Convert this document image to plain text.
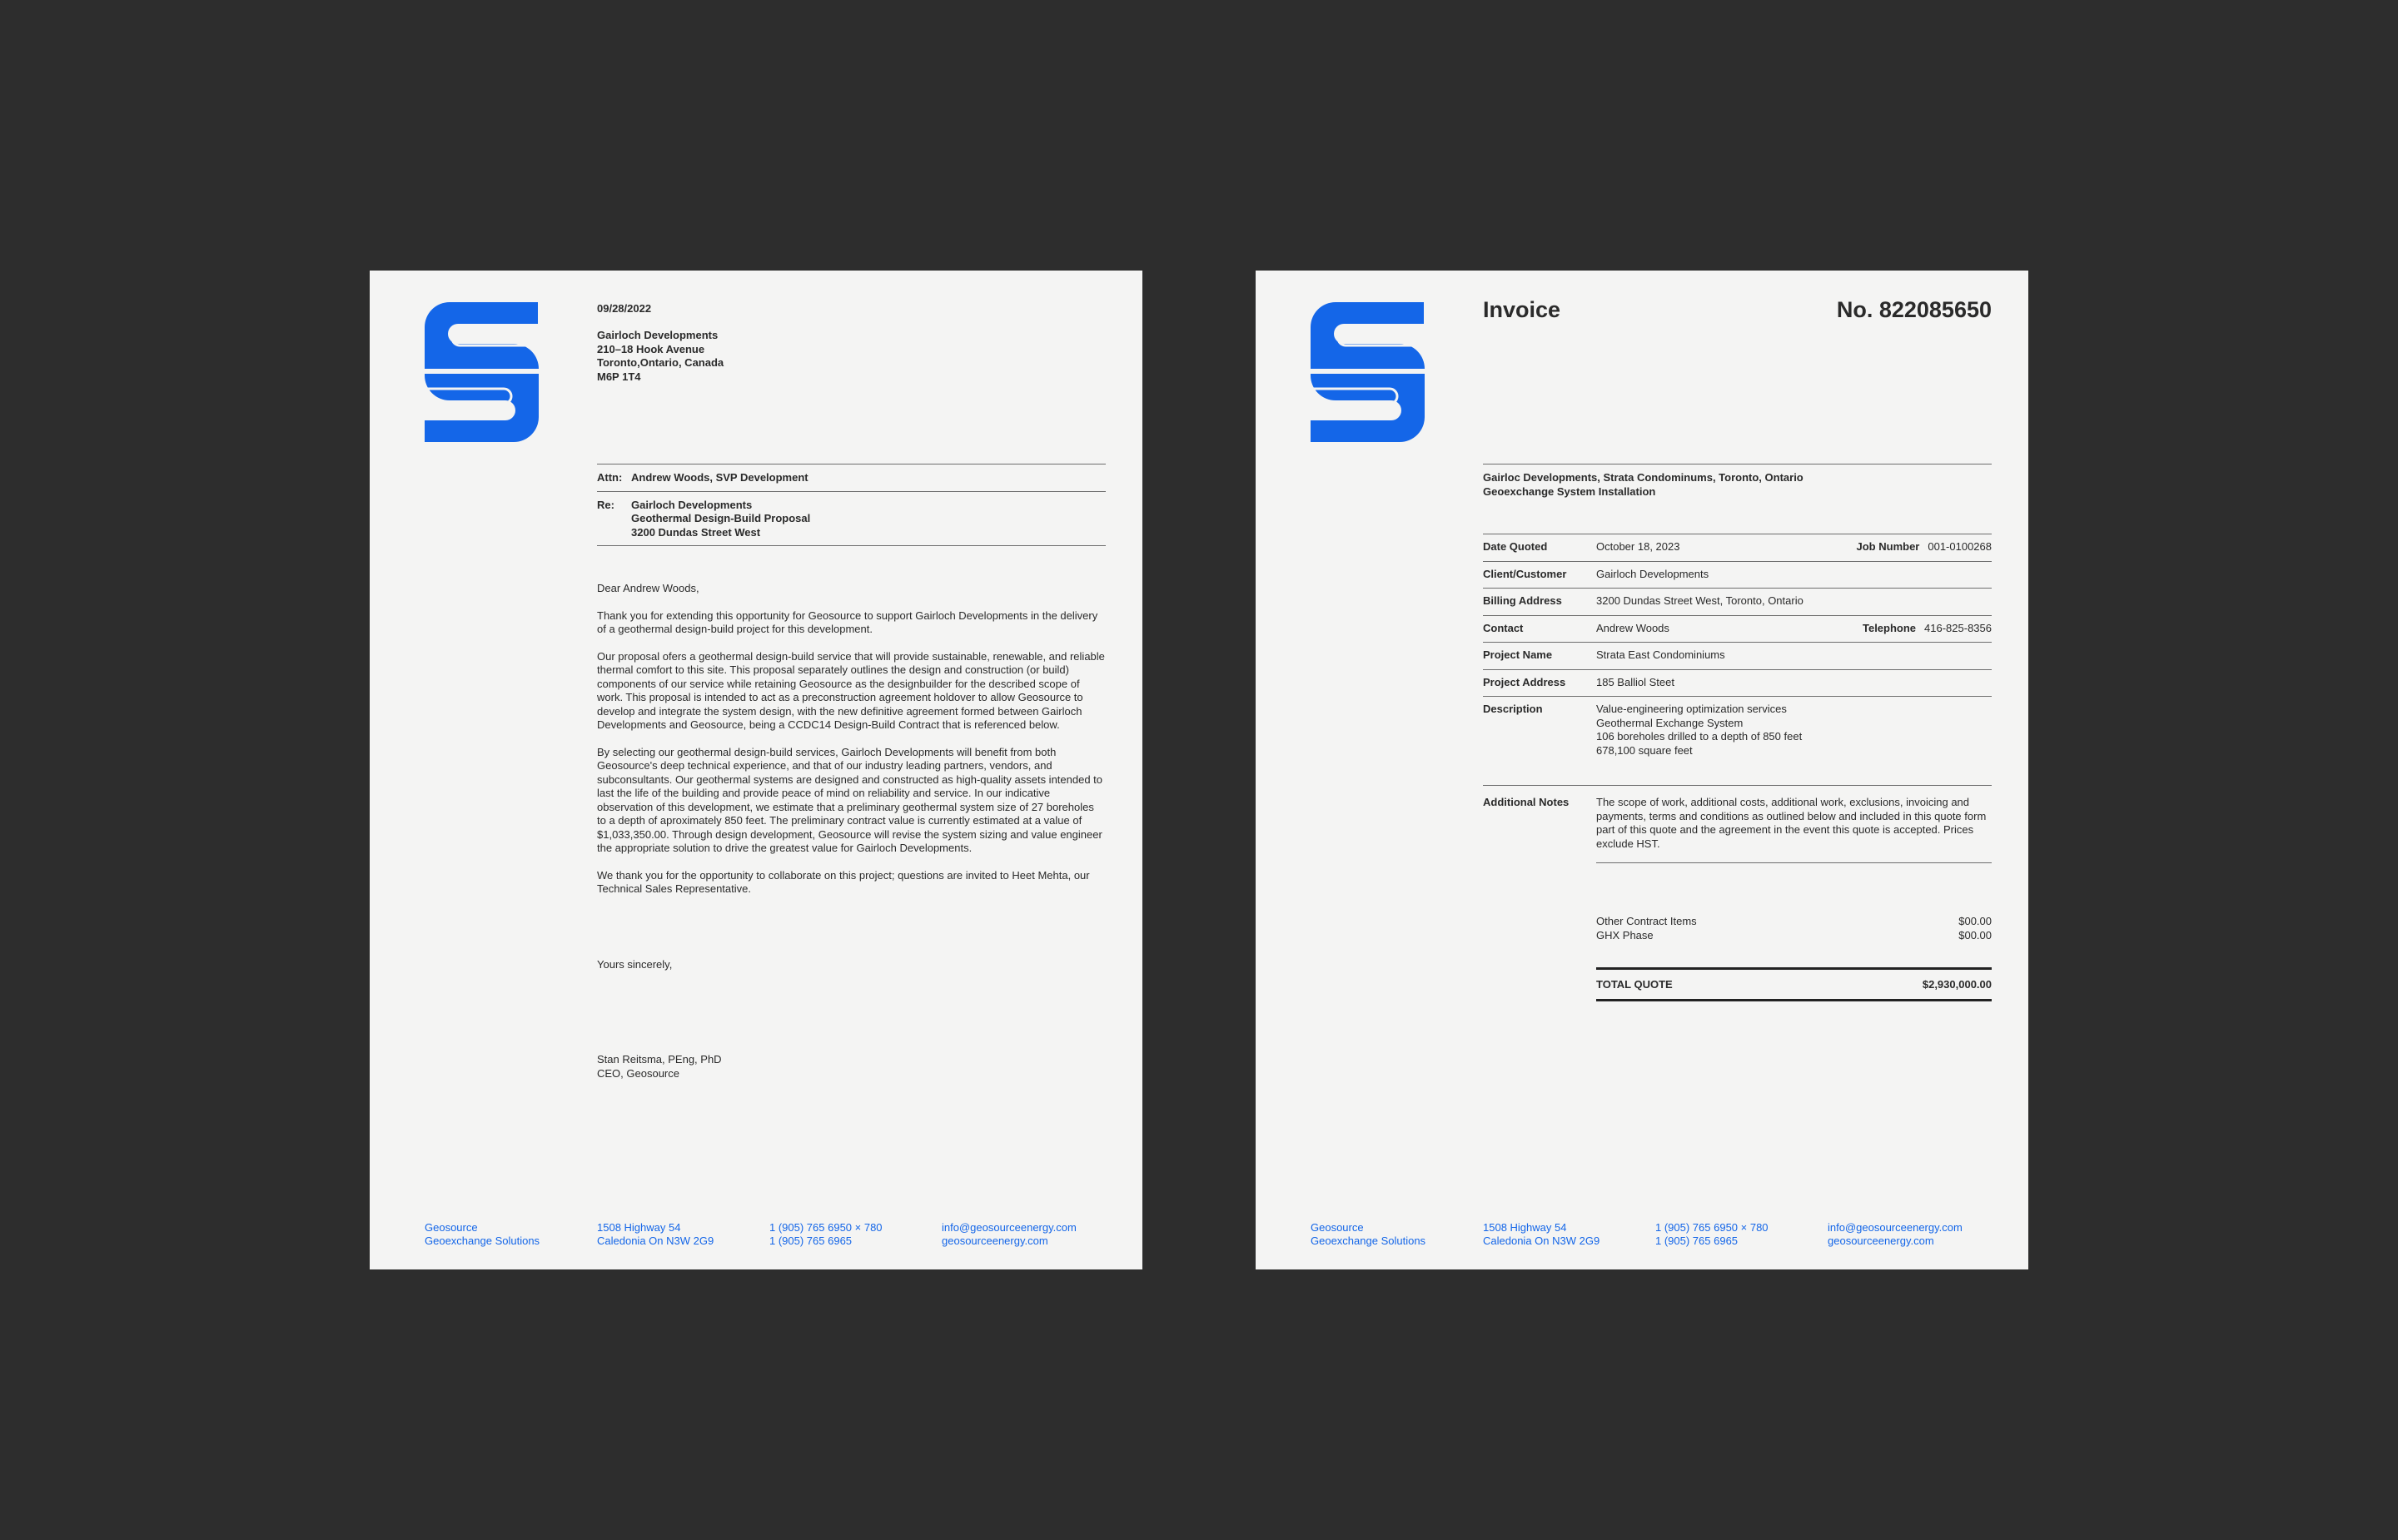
09/28/2022
Gairloch Developments
210–18 Hook Avenue
Toronto,Ontario, Canada
M6P 1T4
Attn: Andrew Woods, SVP Development
Re:	Gairloch Developments
Geothermal Design-Build Proposal
3200 Dundas Street West

Dear Andrew Woods,

Thank you for extending this opportunity for Geosource to support Gairloch Developments in the delivery of a geothermal design-build project for this development.

Our proposal ofers a geothermal design-build service that will provide sustainable, renewable, and reliable thermal comfort to this site. This proposal separately outlines the design and construction (or build) components of our service while retaining Geosource as the designbuilder for the described scope of work. This proposal is intended to act as a preconstruction agreement holdover to allow Geosource to develop and integrate the system design, with the new definitive agreement formed between Gairloch Developments and Geosource, being a CCDC14 Design-Build Contract that is referenced below.

By selecting our geothermal design-build services, Gairloch Developments will benefit from both Geosource's deep technical experience, and that of our industry leading partners, vendors, and subconsultants. Our geothermal systems are designed and constructed as high-quality assets intended to last the life of the building and provide peace of mind on reliability and service. In our indicative observation of this development, we estimate that a preliminary geothermal system size of 27 boreholes to a depth of aproximately 850 feet. The preliminary contract value is currently estimated at a value of $1,033,350.00. Through design development, Geosource will revise the system sizing and value engineer the appropriate solution to drive the greatest value for Gairloch Developments.

We thank you for the opportunity to collaborate on this project; questions are invited to Heet Mehta, our Technical Sales Representative.

Yours sincerely,
Stan Reitsma, PEng, PhD
CEO, Geosource
Geosource
Geoexchange Solutions
1508 Highway 54
Caledonia On N3W 2G9
1 (905) 765 6950 × 780
1 (905) 765 6965
info@geosourceenergy.com
geosourceenergy.com
Invoice	No. 822085650
Gairloc Developments, Strata Condominums, Toronto, Ontario
Geoexchange System Installation
Date Quoted	October 18, 2023	Job Number 001-0100268
Client/Customer	Gairloch Developments
Billing Address	3200 Dundas Street West, Toronto, Ontario
Contact	Andrew Woods	Telephone 416-825-8356
Project Name	Strata East Condominiums
Project Address	185 Balliol Steet
Description	Value-engineering optimization services
Geothermal Exchange System
106 boreholes drilled to a depth of 850 feet
678,100 square feet
Additional Notes	The scope of work, additional costs, additional work, exclusions, invoicing and payments, terms and conditions as outlined below and included in this quote form part of this quote and the agreement in the event this quote is accepted. Prices exclude HST.
Other Contract Items	$00.00
GHX Phase	$00.00
TOTAL QUOTE	$2,930,000.00
Geosource
Geoexchange Solutions
1508 Highway 54
Caledonia On N3W 2G9
1 (905) 765 6950 × 780
1 (905) 765 6965
info@geosourceenergy.com
geosourceenergy.com
